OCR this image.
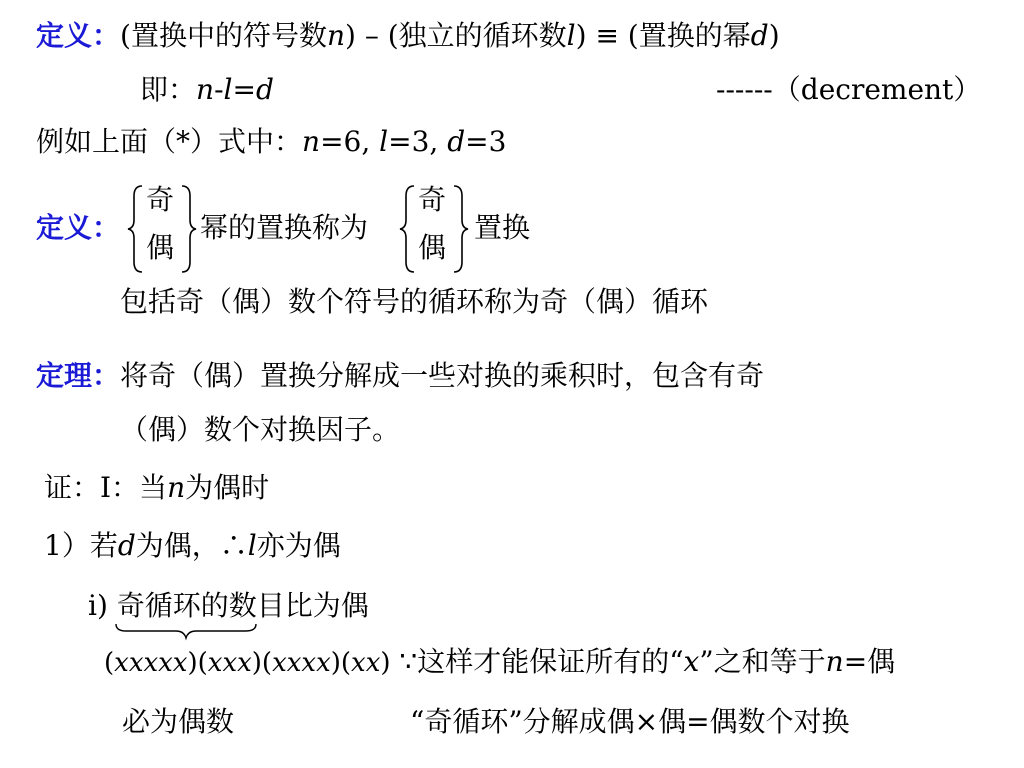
定义：(置换中的符号数n) – (独立的循环数l) ≡ (置换的幂d)
即：n-l=d	------（decrement）
例如上面（*）式中：n=6, l=3, d=3
定义：
奇
偶
幂的置换称为
奇
偶
置换
包括奇（偶）数个符号的循环称为奇（偶）循环
定理：将奇（偶）置换分解成一些对换的乘积时，包含有奇
（偶）数个对换因子。
证：I：当n为偶时
1）若d为偶，∴l亦为偶
i) 奇循环的数目比为偶
(xxxxx)(xxx)(xxxx)(xx) ∵这样才能保证所有的“x”之和等于n=偶
必为偶数	“奇循环”分解成偶×偶=偶数个对换
